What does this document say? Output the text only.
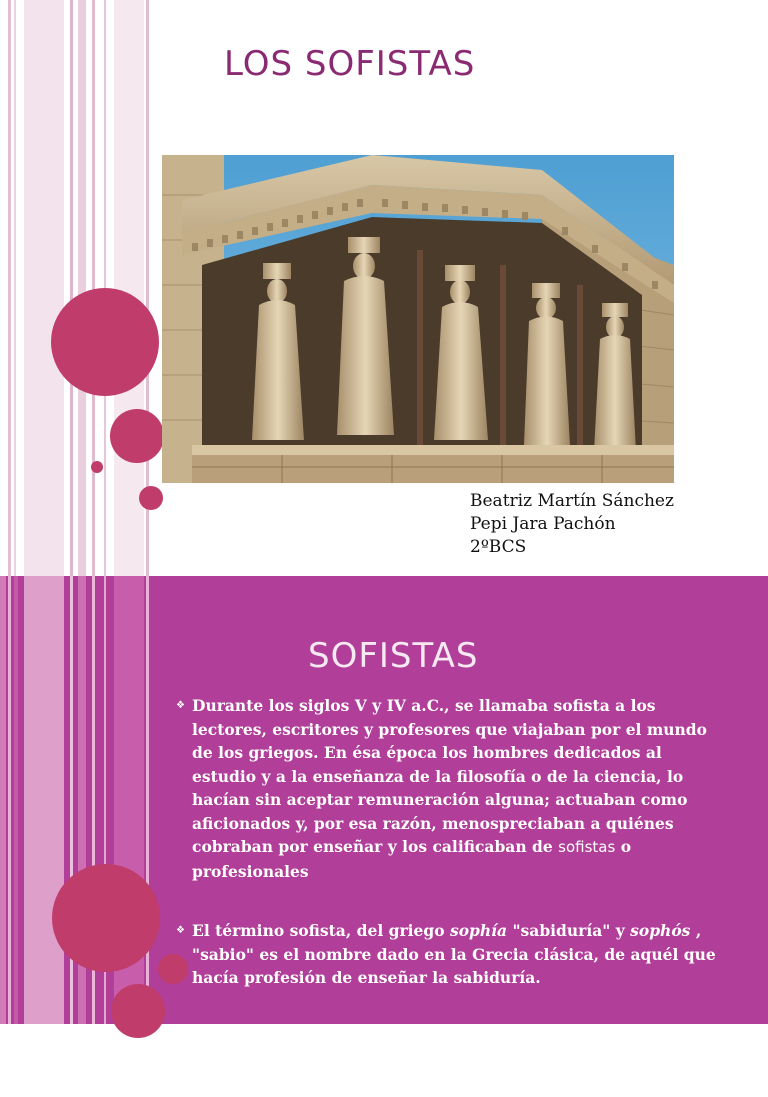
LOS SOFISTAS
Beatriz Martín Sánchez
Pepi Jara Pachón
2ºBCS
SOFISTAS
❖ Durante los siglos V y IV a.C., se llamaba sofista a los lectores, escritores y profesores que viajaban por el mundo de los griegos. En ésa época los hombres dedicados al estudio y a la enseñanza de la filosofía o de la ciencia, lo hacían sin aceptar remuneración alguna; actuaban como aficionados y, por esa razón, menospreciaban a quiénes cobraban por enseñar y los calificaban de sofistas o profesionales
❖ El término sofista, del griego sophía "sabiduría" y sophós , "sabio" es el nombre dado en la Grecia clásica, de aquél que hacía profesión de enseñar la sabiduría.
❖ Para el pensamiento sofista la verdad depende del sujeto, de
